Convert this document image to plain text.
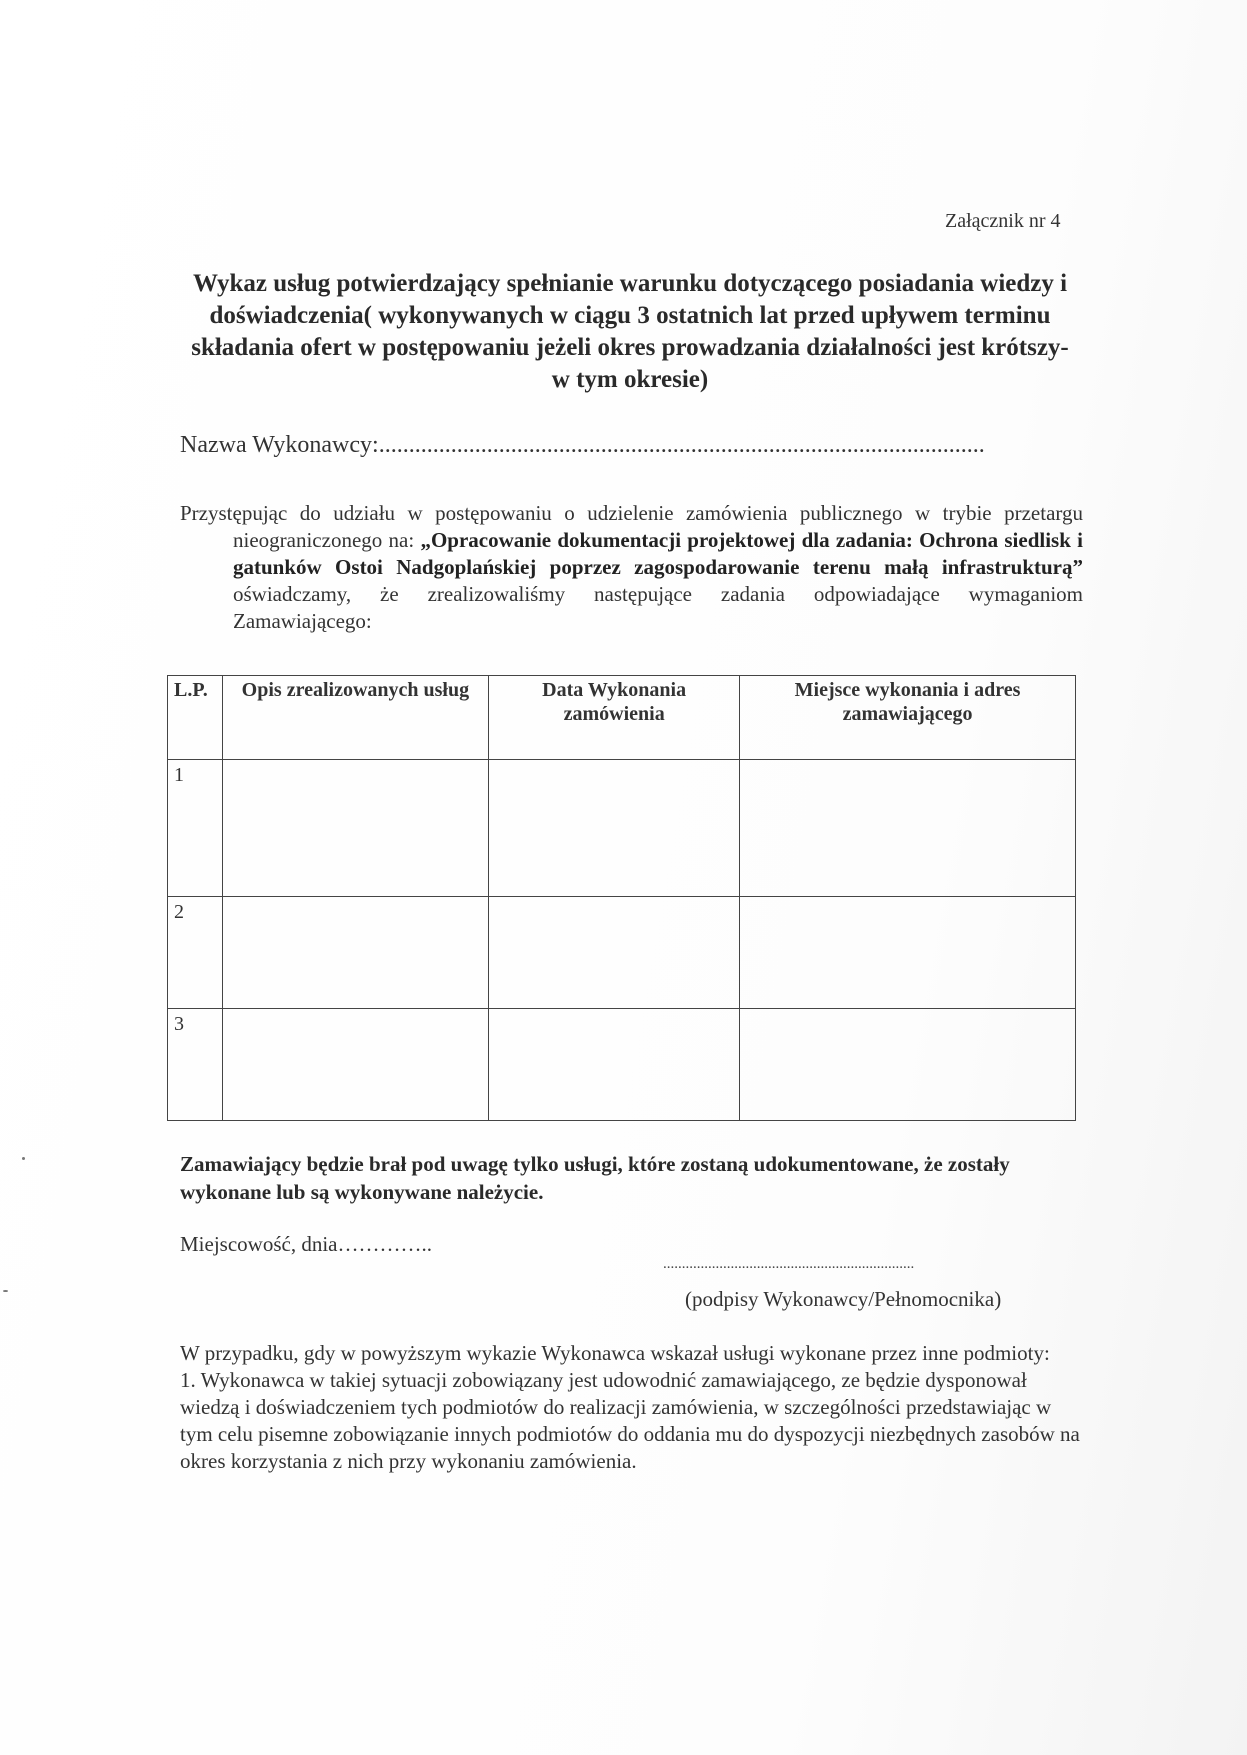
Załącznik nr 4
Wykaz usług potwierdzający spełnianie warunku dotyczącego posiadania wiedzy i doświadczenia( wykonywanych w ciągu 3 ostatnich lat przed upływem terminu składania ofert w postępowaniu jeżeli okres prowadzania działalności jest krótszy- w tym okresie)
Nazwa Wykonawcy:.....................................................................................................
Przystępując do udziału w postępowaniu o udzielenie zamówienia publicznego w trybie przetargu nieograniczonego na: „Opracowanie dokumentacji projektowej dla zadania: Ochrona siedlisk i gatunków Ostoi Nadgoplańskiej poprzez zagospodarowanie terenu małą infrastrukturą” oświadczamy, że zrealizowaliśmy następujące zadania odpowiadające wymaganiom Zamawiającego:
L.P.	Opis zrealizowanych usług	Data Wykonania zamówienia	Miejsce wykonania i adres zamawiającego
1			
2			
3			
Zamawiający będzie brał pod uwagę tylko usługi, które zostaną udokumentowane, że zostały wykonane lub są wykonywane należycie.
Miejscowość, dnia…………..
...................................................................
(podpisy Wykonawcy/Pełnomocnika)

W przypadku, gdy w powyższym wykazie Wykonawca wskazał usługi wykonane przez inne podmioty:

1. Wykonawca w takiej sytuacji zobowiązany jest udowodnić zamawiającego, ze będzie dysponował wiedzą i doświadczeniem tych podmiotów do realizacji zamówienia, w szczególności przedstawiając w tym celu pisemne zobowiązanie innych podmiotów do oddania mu do dyspozycji niezbędnych zasobów na okres korzystania z nich przy wykonaniu zamówienia.
